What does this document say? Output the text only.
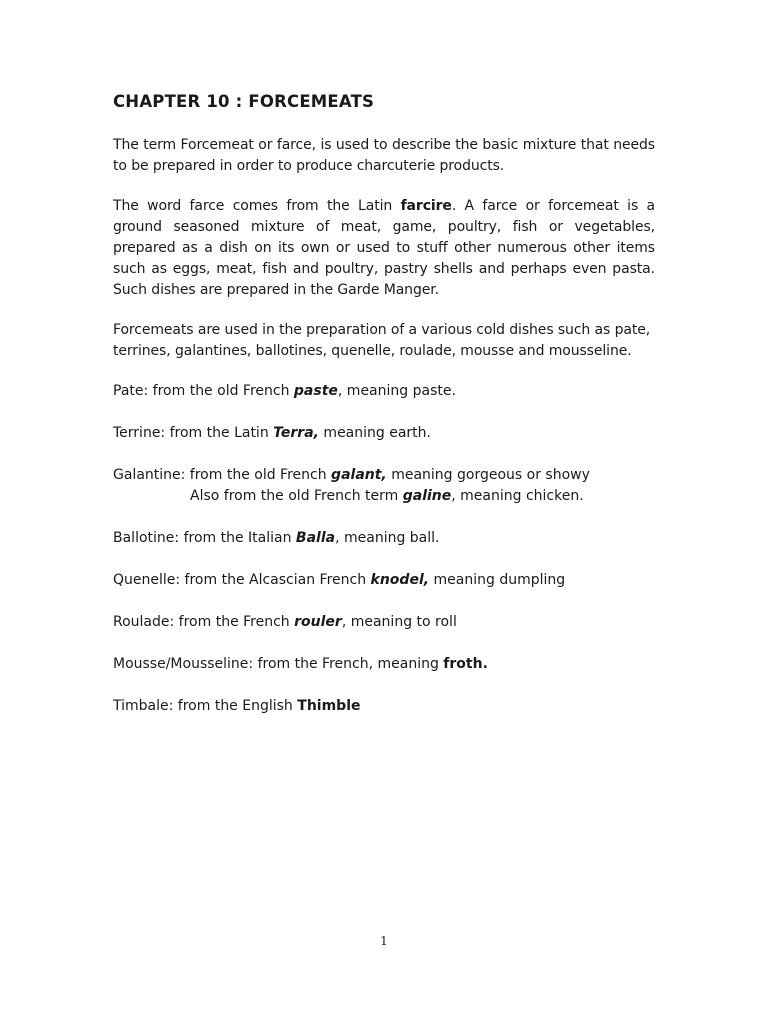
CHAPTER 10 : FORCEMEATS

The term Forcemeat or farce, is used to describe the basic mixture that needs to be prepared in order to produce charcuterie products.

The word farce comes from the Latin farcire. A farce or forcemeat is a ground seasoned mixture of meat, game, poultry, fish or vegetables, prepared as a dish on its own or used to stuff other numerous other items such as eggs, meat, fish and poultry, pastry shells and perhaps even pasta. Such dishes are prepared in the Garde Manger.

Forcemeats are used in the preparation of a various cold dishes such as pate, terrines, galantines, ballotines, quenelle, roulade, mousse and mousseline.

Pate: from the old French paste, meaning paste.
Terrine: from the Latin Terra, meaning earth.
Galantine: from the old French galant, meaning gorgeous or showy
Also from the old French term galine, meaning chicken.
Ballotine: from the Italian Balla, meaning ball.
Quenelle: from the Alcascian French knodel, meaning dumpling
Roulade: from the French rouler, meaning to roll
Mousse/Mousseline: from the French, meaning froth.
Timbale: from the English Thimble
1
